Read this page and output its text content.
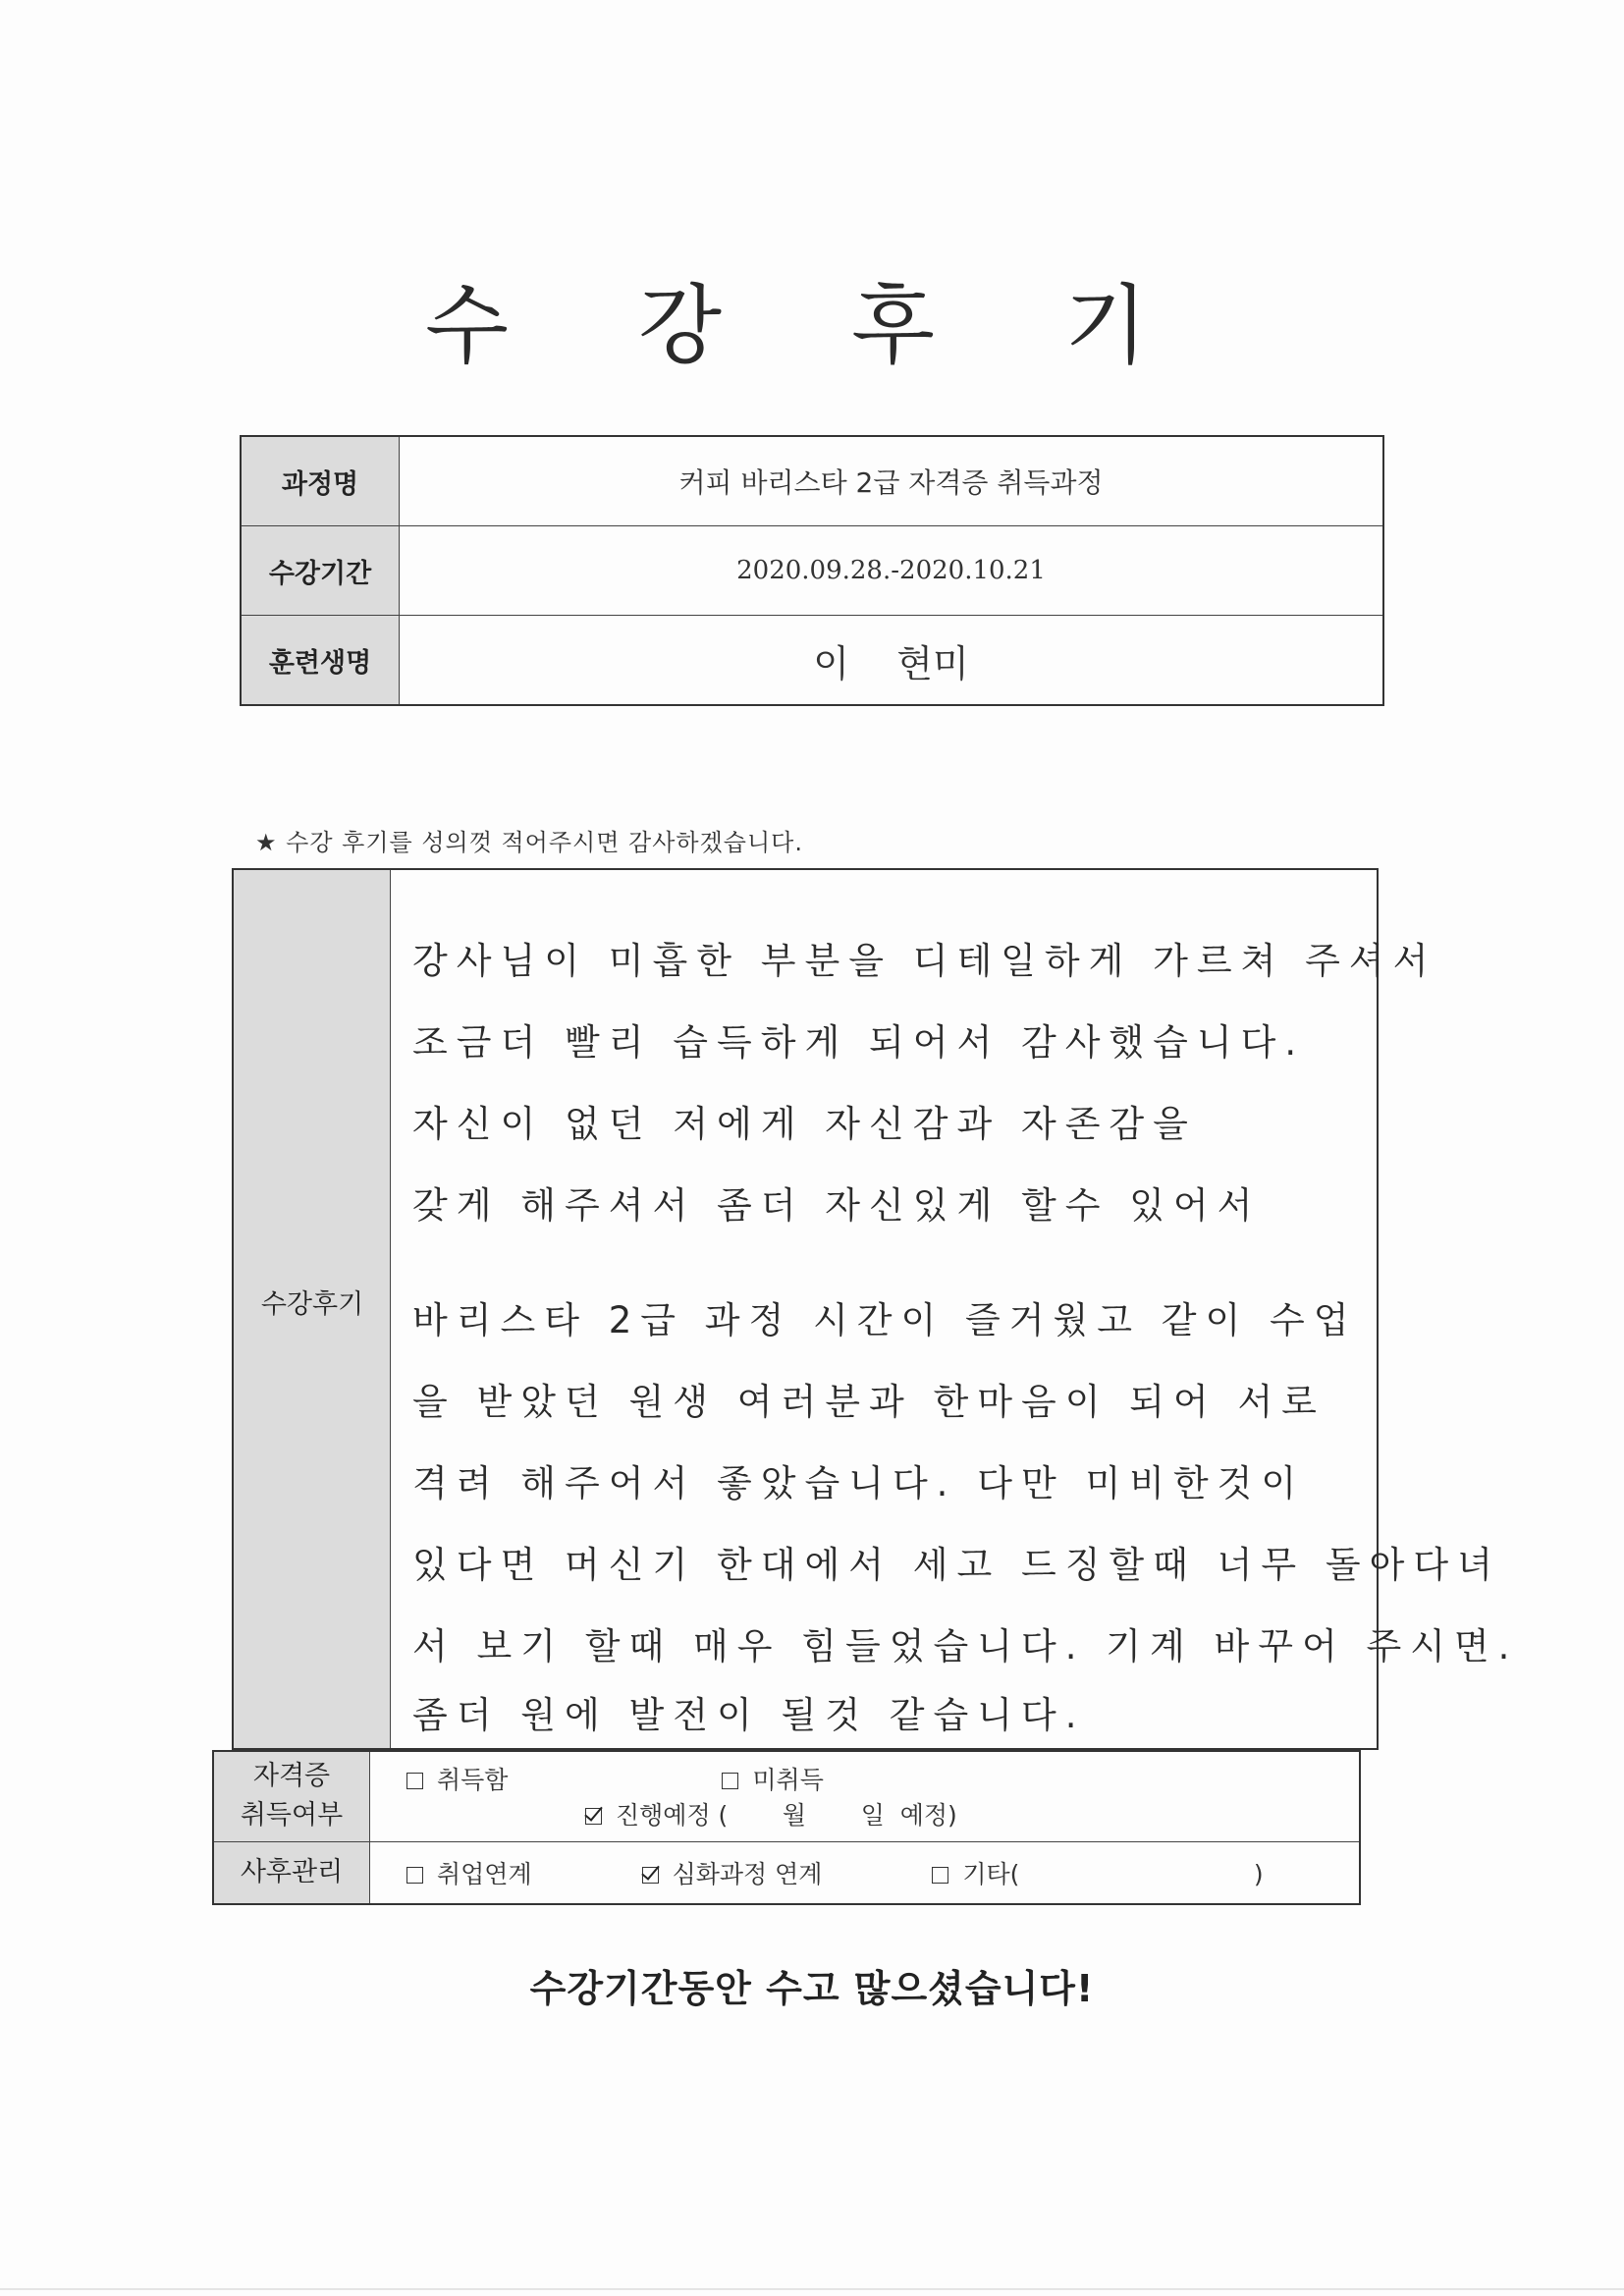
수 강 후 기
과정명	커피 바리스타 2급 자격증 취득과정
수강기간	2020.09.28.-2020.10.21
훈련생명	이    현미
★ 수강 후기를 성의껏 적어주시면 감사하겠습니다.
수강후기
강사님이 미흡한 부분을 디테일하게 가르쳐 주셔서
조금더 빨리 습득하게 되어서 감사했습니다.
자신이 없던 저에게 자신감과 자존감을
갖게 해주셔서 좀더 자신있게 할수 있어서
바리스타 2급 과정 시간이 즐거웠고 같이 수업
을 받았던 원생 여러분과 한마음이 되어 서로
격려 해주어서 좋았습니다. 다만 미비한것이
있다면 머신기 한대에서 세고 드징할때 너무 돌아다녀
서 보기 할때 매우 힘들었습니다. 기계 바꾸어 주시면.
좀더 원에 발전이 될것 같습니다.
자격증
취득여부	취득함 미취득 진행예정 (       월       일  예정)
사후관리	취업연계 심화과정 연계 기타(                              )
수강기간동안 수고 많으셨습니다!
